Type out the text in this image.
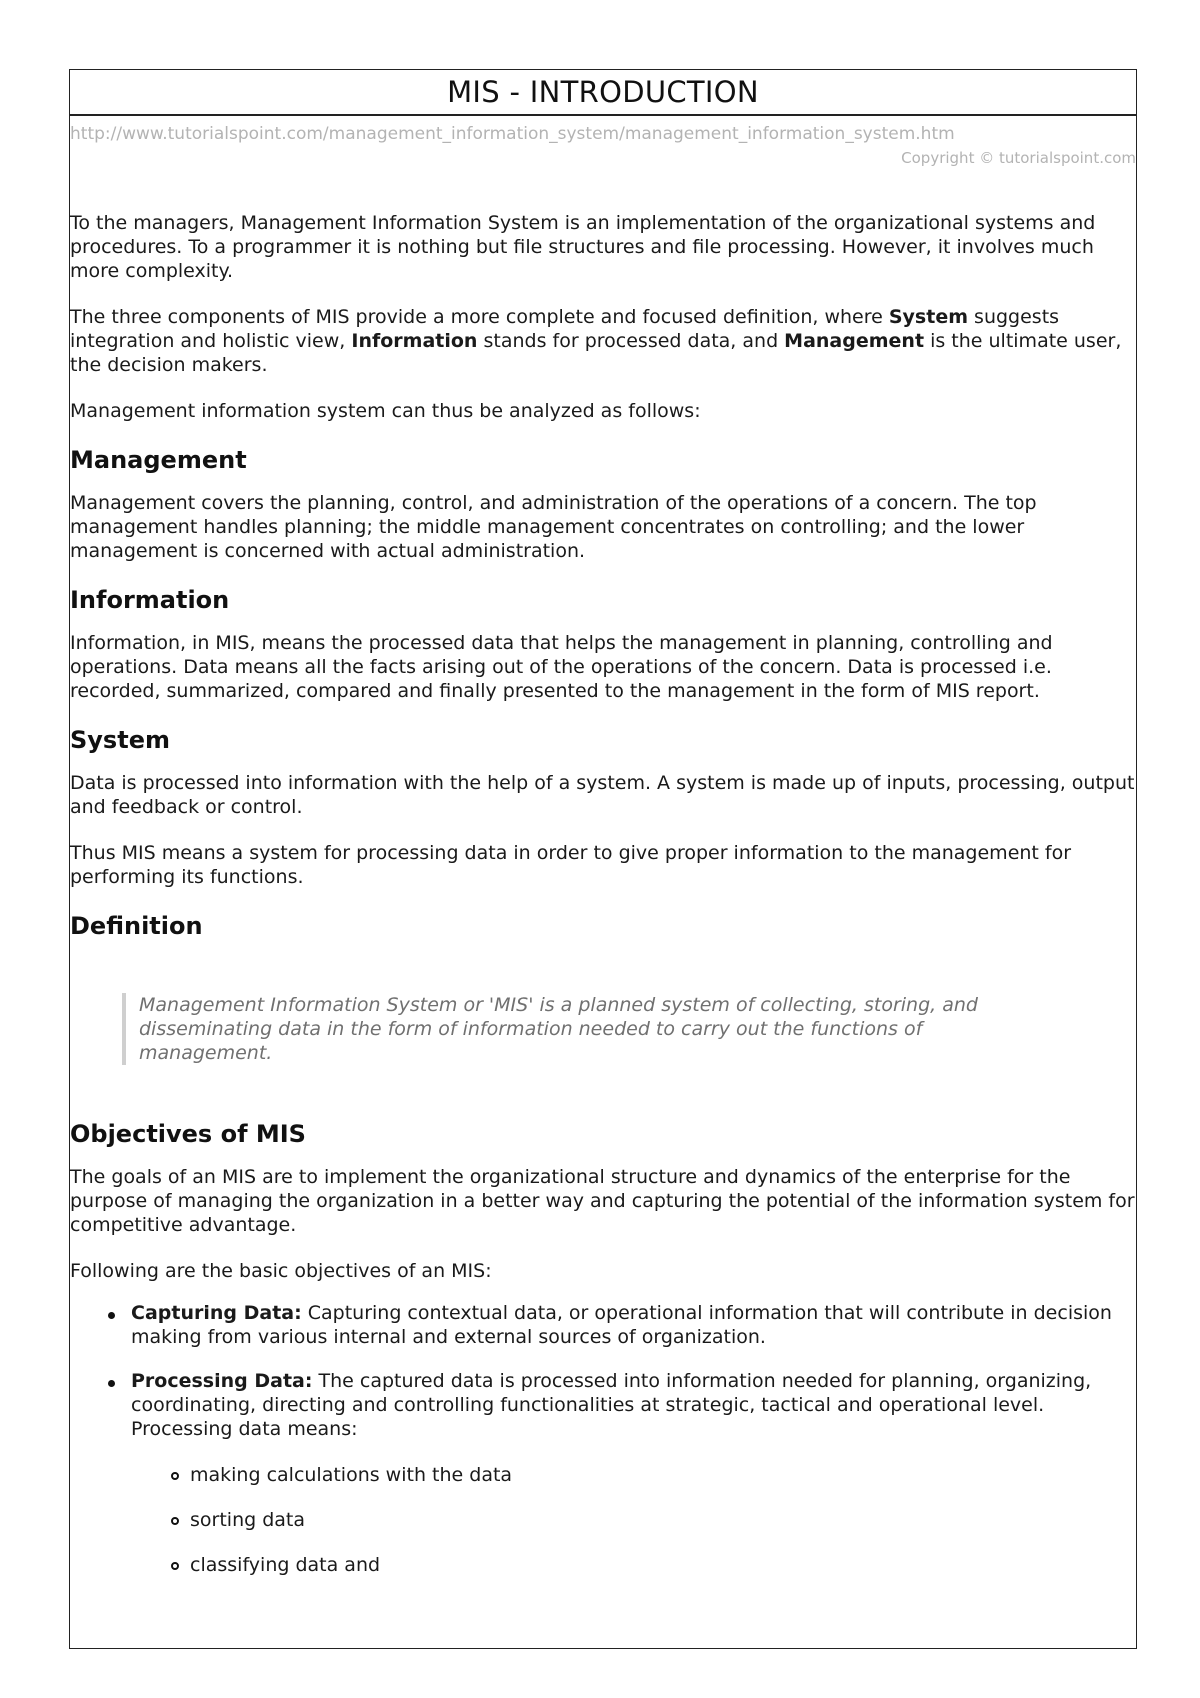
MIS - INTRODUCTION
http://www.tutorialspoint.com/management_information_system/management_information_system.htm
Copyright © tutorialspoint.com

To the managers, Management Information System is an implementation of the organizational systems and procedures. To a programmer it is nothing but file structures and file processing. However, it involves much more complexity.

The three components of MIS provide a more complete and focused definition, where System suggests integration and holistic view, Information stands for processed data, and Management is the ultimate user, the decision makers.

Management information system can thus be analyzed as follows:

Management

Management covers the planning, control, and administration of the operations of a concern. The top management handles planning; the middle management concentrates on controlling; and the lower management is concerned with actual administration.

Information

Information, in MIS, means the processed data that helps the management in planning, controlling and operations. Data means all the facts arising out of the operations of the concern. Data is processed i.e. recorded, summarized, compared and finally presented to the management in the form of MIS report.

System

Data is processed into information with the help of a system. A system is made up of inputs, processing, output and feedback or control.

Thus MIS means a system for processing data in order to give proper information to the management for performing its functions.

Definition
Management Information System or 'MIS' is a planned system of collecting, storing, and disseminating data in the form of information needed to carry out the functions of management.
Objectives of MIS

The goals of an MIS are to implement the organizational structure and dynamics of the enterprise for the purpose of managing the organization in a better way and capturing the potential of the information system for competitive advantage.

Following are the basic objectives of an MIS:

Capturing Data: Capturing contextual data, or operational information that will contribute in decision making from various internal and external sources of organization.
Processing Data: The captured data is processed into information needed for planning, organizing, coordinating, directing and controlling functionalities at strategic, tactical and operational level. Processing data means:
making calculations with the data
sorting data
classifying data and
